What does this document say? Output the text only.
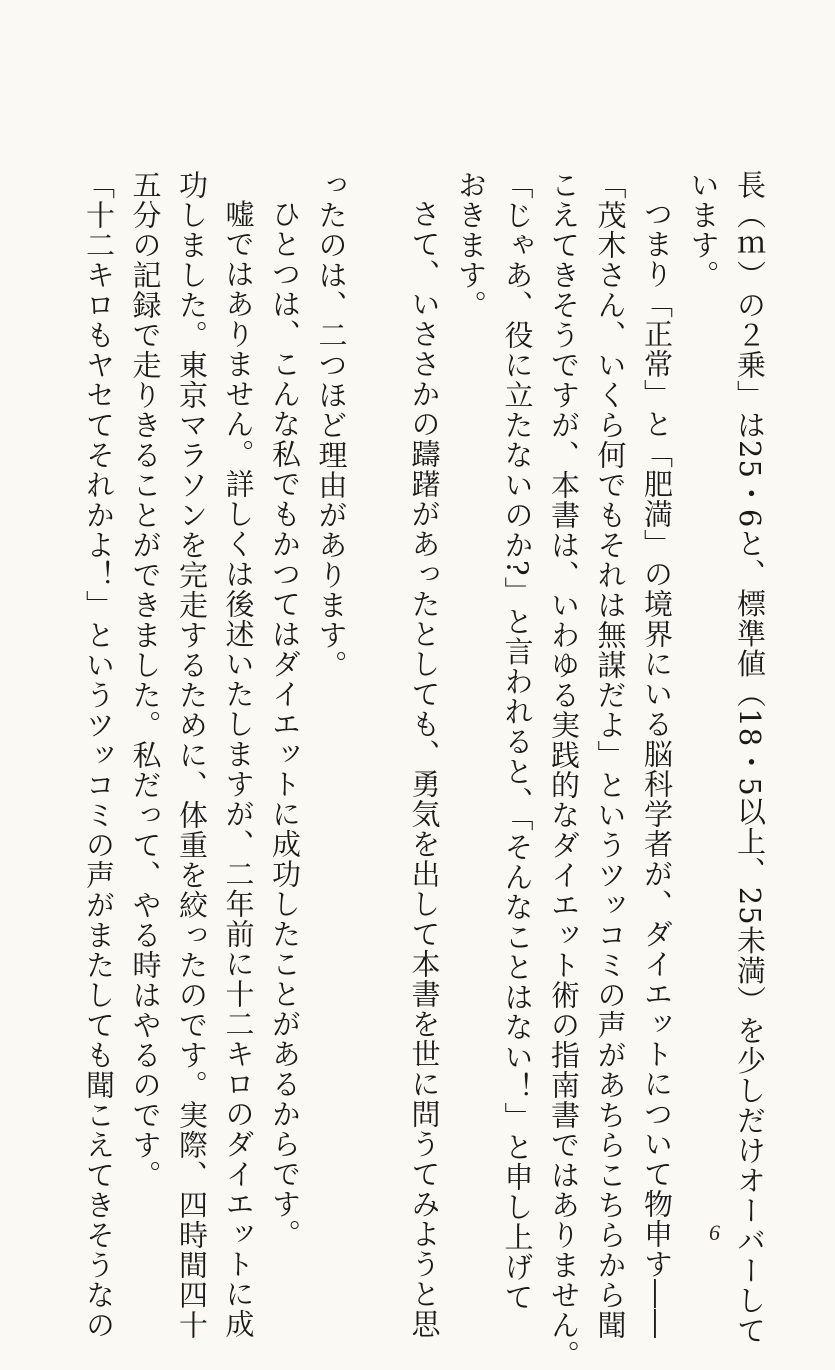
長（ｍ）の２乗」は25・6と、標準値（18・5以上、25未満）を少しだけオーバーして
います。
つまり「正常」と「肥満」の境界にいる脳科学者が、ダイエットについて物申す――
「茂木さん、いくら何でもそれは無謀だよ」というツッコミの声があちらこちらから聞
こえてきそうですが、本書は、いわゆる実践的なダイエット術の指南書ではありません。
「じゃあ、役に立たないのか?」と言われると、「そんなことはない！」と申し上げて
おきます。
さて、いささかの躊躇があったとしても、勇気を出して本書を世に問うてみようと思
ったのは、二つほど理由があります。
ひとつは、こんな私でもかつてはダイエットに成功したことがあるからです。
嘘ではありません。詳しくは後述いたしますが、二年前に十二キロのダイエットに成
功しました。東京マラソンを完走するために、体重を絞ったのです。実際、四時間四十
五分の記録で走りきることができました。私だって、やる時はやるのです。
「十二キロもヤセてそれかよ！」というツッコミの声がまたしても聞こえてきそうなの	6
